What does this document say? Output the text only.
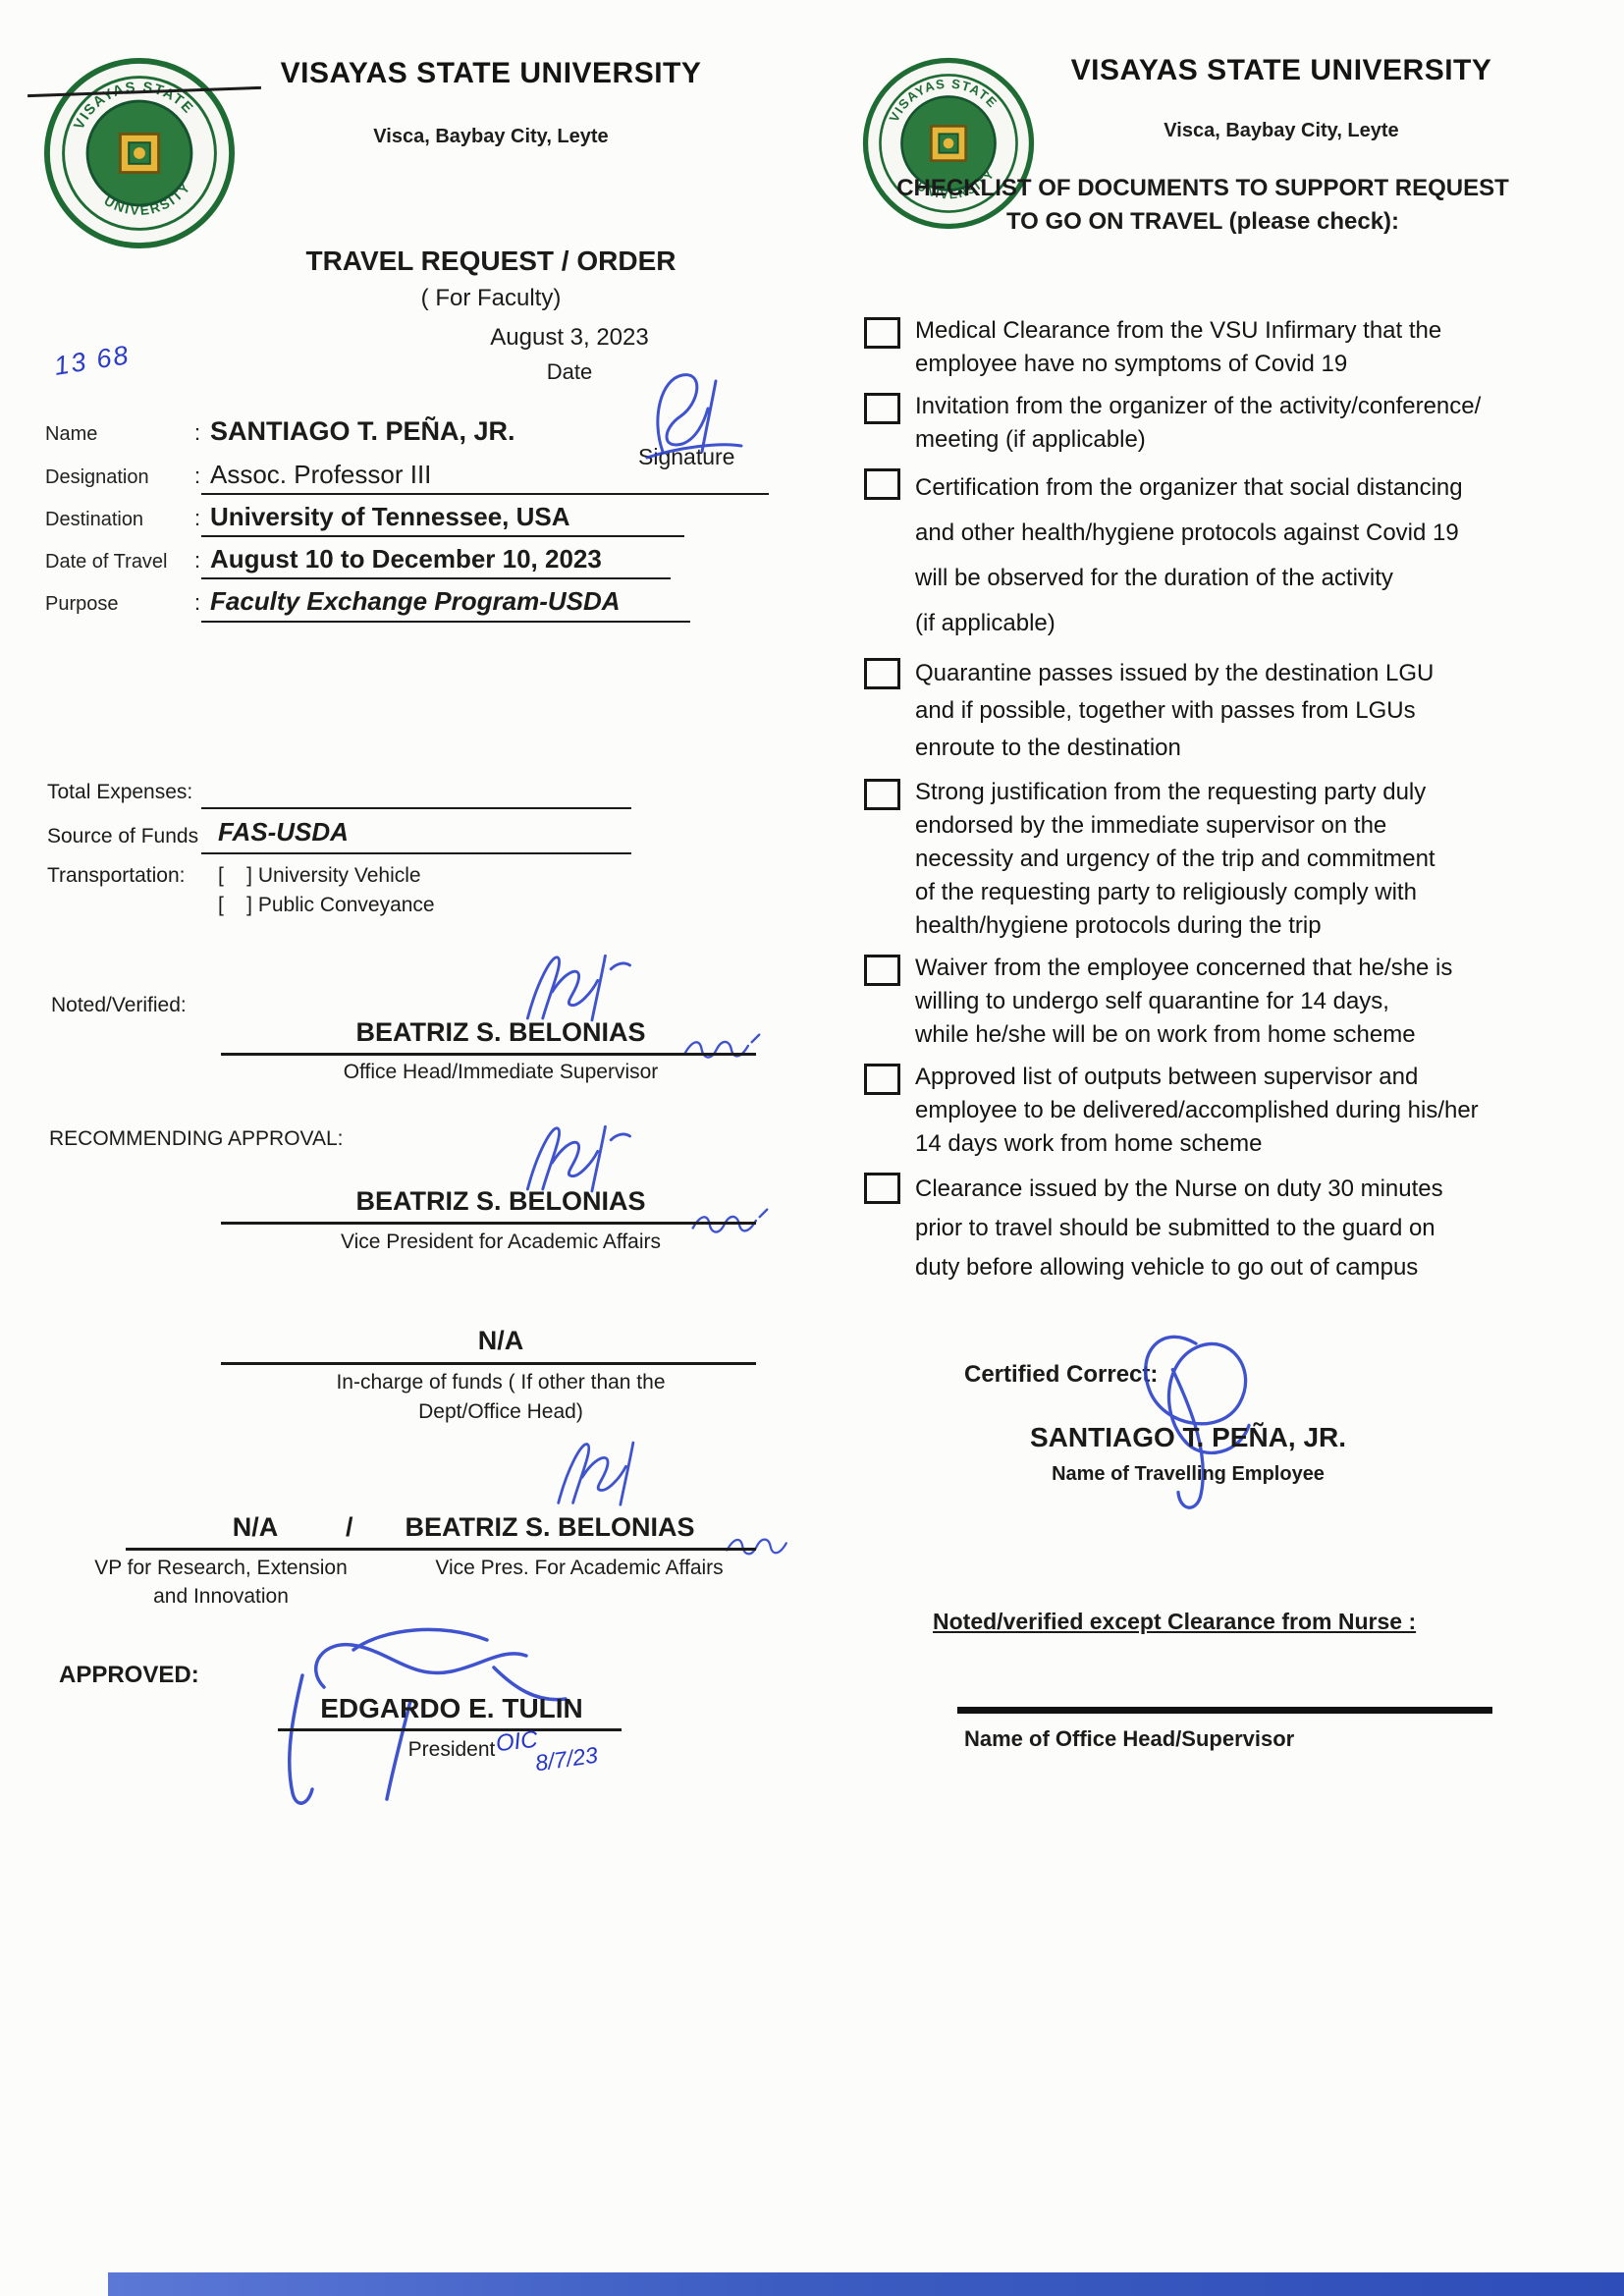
VISAYAS STATE UNIVERSITY
Visca, Baybay City, Leyte
TRAVEL REQUEST / ORDER
( For Faculty)
August 3, 2023
Date
13 68
Name	: SANTIAGO T. PEÑA, JR.
Designation : Assoc. Professor III
Signature
Destination : University of Tennessee, USA
Date of Travel : August 10 to December 10, 2023
Purpose	: Faculty Exchange Program-USDA
Total Expenses:
Source of Funds FAS-USDA
Transportation: [    ] University Vehicle
[    ] Public Conveyance
Noted/Verified:
BEATRIZ S. BELONIAS
Office Head/Immediate Supervisor
RECOMMENDING APPROVAL:
BEATRIZ S. BELONIAS
Vice President for Academic Affairs
N/A
In-charge of funds ( If other than the
Dept/Office Head)
N/A	/	BEATRIZ S. BELONIAS
VP for Research, Extension
and Innovation
Vice Pres. For Academic Affairs
APPROVED:
EDGARDO E. TULIN
President OIC
8/7/23
VISAYAS STATE UNIVERSITY
Visca, Baybay City, Leyte
CHECKLIST OF DOCUMENTS TO SUPPORT REQUEST
TO GO ON TRAVEL (please check):
Medical Clearance from the VSU Infirmary that the
employee have no symptoms of Covid 19
Invitation from the organizer of the activity/conference/
meeting (if applicable)
Certification from the organizer that social distancing
and other health/hygiene protocols against Covid 19
will be observed for the duration of the activity
(if applicable)
Quarantine passes issued by the destination LGU
and if possible, together with passes from LGUs
enroute to the destination
Strong justification from the requesting party duly
endorsed by the immediate supervisor on the
necessity and urgency of the trip and commitment
of the requesting party to religiously comply with
health/hygiene protocols during the trip
Waiver from the employee concerned that he/she is
willing to undergo self quarantine for 14 days,
while he/she will be on work from home scheme
Approved list of outputs between supervisor and
employee to be delivered/accomplished during his/her
14 days work from home scheme
Clearance issued by the Nurse on duty 30 minutes
prior to travel should be submitted to the guard on
duty before allowing vehicle to go out of campus
Certified Correct:
SANTIAGO T. PEÑA, JR.
Name of Travelling Employee
Noted/verified except Clearance from Nurse :
Name of Office Head/Supervisor
